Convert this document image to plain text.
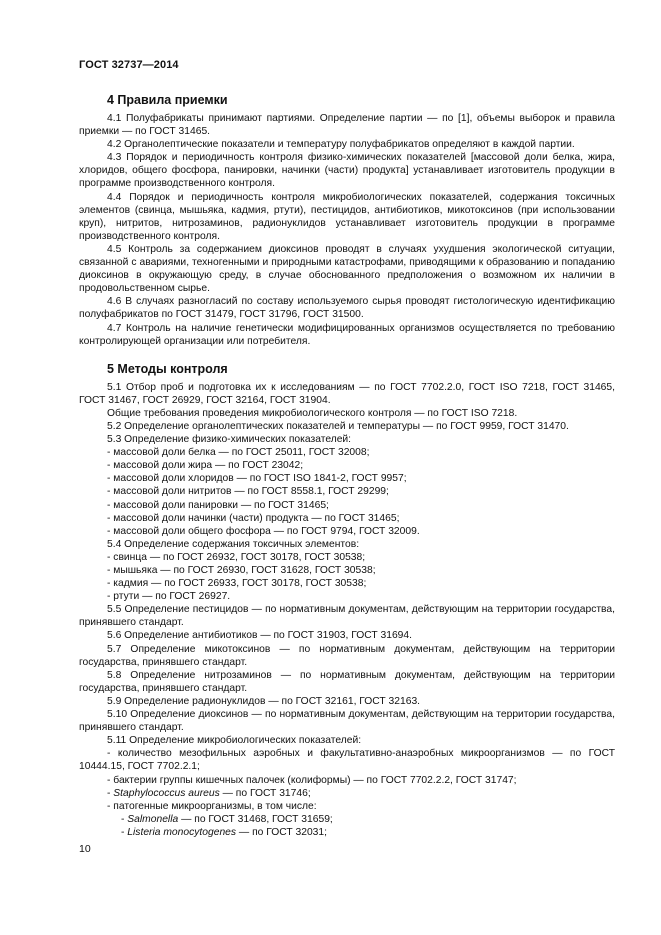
ГОСТ 32737—2014
4 Правила приемки

4.1 Полуфабрикаты принимают партиями. Определение партии — по [1], объемы выборок и правила приемки — по ГОСТ 31465.

4.2 Органолептические показатели и температуру полуфабрикатов определяют в каждой партии.

4.3 Порядок и периодичность контроля физико-химических показателей [массовой доли белка, жира, хлоридов, общего фосфора, панировки, начинки (части) продукта] устанавливает изготовитель продукции в программе производственного контроля.

4.4 Порядок и периодичность контроля микробиологических показателей, содержания токсичных элементов (свинца, мышьяка, кадмия, ртути), пестицидов, антибиотиков, микотоксинов (при использовании круп), нитритов, нитрозаминов, радионуклидов устанавливает изготовитель продукции в программе производственного контроля.

4.5 Контроль за содержанием диоксинов проводят в случаях ухудшения экологической ситуации, связанной с авариями, техногенными и природными катастрофами, приводящими к образованию и попаданию диоксинов в окружающую среду, в случае обоснованного предположения о возможном их наличии в продовольственном сырье.

4.6 В случаях разногласий по составу используемого сырья проводят гистологическую идентификацию полуфабрикатов по ГОСТ 31479, ГОСТ 31796, ГОСТ 31500.

4.7 Контроль на наличие генетически модифицированных организмов осуществляется по требованию контролирующей организации или потребителя.

5 Методы контроля

5.1 Отбор проб и подготовка их к исследованиям — по ГОСТ 7702.2.0, ГОСТ ISO 7218, ГОСТ 31465, ГОСТ 31467, ГОСТ 26929, ГОСТ 32164, ГОСТ 31904.

Общие требования проведения микробиологического контроля — по ГОСТ ISO 7218.

5.2 Определение органолептических показателей и температуры — по ГОСТ 9959, ГОСТ 31470.

5.3 Определение физико-химических показателей:

- массовой доли белка — по ГОСТ 25011, ГОСТ 32008;

- массовой доли жира — по ГОСТ 23042;

- массовой доли хлоридов — по ГОСТ ISO 1841-2, ГОСТ 9957;

- массовой доли нитритов — по ГОСТ 8558.1, ГОСТ 29299;

- массовой доли панировки — по ГОСТ 31465;

- массовой доли начинки (части) продукта — по ГОСТ 31465;

- массовой доли общего фосфора — по ГОСТ 9794, ГОСТ 32009.

5.4 Определение содержания токсичных элементов:

- свинца — по ГОСТ 26932, ГОСТ 30178, ГОСТ 30538;

- мышьяка — по ГОСТ 26930, ГОСТ 31628, ГОСТ 30538;

- кадмия — по ГОСТ 26933, ГОСТ 30178, ГОСТ 30538;

- ртути — по ГОСТ 26927.

5.5 Определение пестицидов — по нормативным документам, действующим на территории государства, принявшего стандарт.

5.6 Определение антибиотиков — по ГОСТ 31903, ГОСТ 31694.

5.7 Определение микотоксинов — по нормативным документам, действующим на территории государства, принявшего стандарт.

5.8 Определение нитрозаминов — по нормативным документам, действующим на территории государства, принявшего стандарт.

5.9 Определение радионуклидов — по ГОСТ 32161, ГОСТ 32163.

5.10 Определение диоксинов — по нормативным документам, действующим на территории государства, принявшего стандарт.

5.11 Определение микробиологических показателей:

- количество мезофильных аэробных и факультативно-анаэробных микроорганизмов — по ГОСТ 10444.15, ГОСТ 7702.2.1;

- бактерии группы кишечных палочек (колиформы) — по ГОСТ 7702.2.2, ГОСТ 31747;

- Staphylococcus aureus — по ГОСТ 31746;

- патогенные микроорганизмы, в том числе:

- Salmonella — по ГОСТ 31468, ГОСТ 31659;

- Listeria monocytogenes — по ГОСТ 32031;

10
